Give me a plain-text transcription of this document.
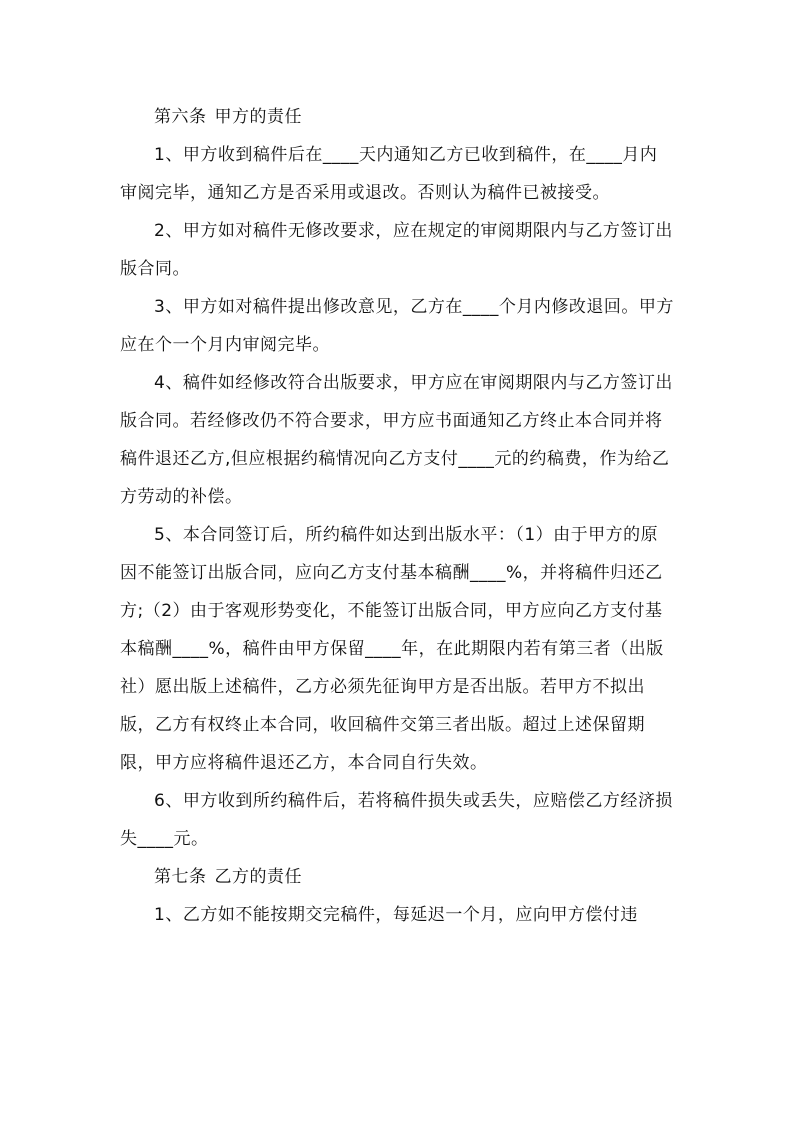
第六条 甲方的责任

1、甲方收到稿件后在____天内通知乙方已收到稿件，在____月内审阅完毕，通知乙方是否采用或退改。否则认为稿件已被接受。

2、甲方如对稿件无修改要求，应在规定的审阅期限内与乙方签订出版合同。

3、甲方如对稿件提出修改意见，乙方在____个月内修改退回。甲方应在个一个月内审阅完毕。

4、稿件如经修改符合出版要求，甲方应在审阅期限内与乙方签订出版合同。若经修改仍不符合要求，甲方应书面通知乙方终止本合同并将稿件退还乙方,但应根据约稿情况向乙方支付____元的约稿费，作为给乙方劳动的补偿。

5、本合同签订后，所约稿件如达到出版水平：（1）由于甲方的原因不能签订出版合同，应向乙方支付基本稿酬____%，并将稿件归还乙方;（2）由于客观形势变化，不能签订出版合同，甲方应向乙方支付基本稿酬____%，稿件由甲方保留____年，在此期限内若有第三者（出版社）愿出版上述稿件，乙方必须先征询甲方是否出版。若甲方不拟出版，乙方有权终止本合同，收回稿件交第三者出版。超过上述保留期限，甲方应将稿件退还乙方，本合同自行失效。

6、甲方收到所约稿件后，若将稿件损失或丢失，应赔偿乙方经济损失____元。

第七条 乙方的责任

1、乙方如不能按期交完稿件，每延迟一个月，应向甲方偿付违
